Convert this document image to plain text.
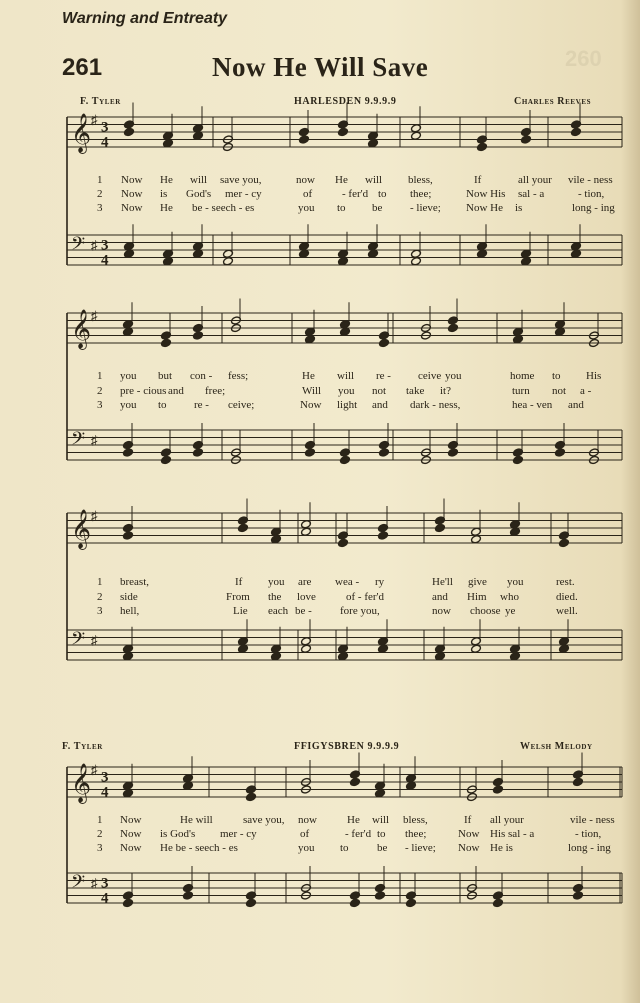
Warning and Entreaty
261	Now He Will Save	260
F. Tyler	HARLESDEN 9.9.9.9	Charles Reeves
F. Tyler	FFIGYSBREN 9.9.9.9	Welsh Melody
𝄞 ♯ 3
4
𝄢 ♯ 3
4
𝄞 ♯
𝄢 ♯
𝄞 ♯
𝄢 ♯
𝄞 ♯ 3
4
𝄢 ♯ 3
4
1 Now He will save you,	now He will bless,	If	all your vile - ness
2 Now is God's mer - cy	of	- fer'd to thee;	Now His sal - a	- tion,
3 Now He be - seech - es	you to be	- lieve; Now He is	long - ing
1 you but con - fess;	He will re - ceive you	home to His
2 pre - cious and free;	Will you not take it?	turn not a -
3 you to re - ceive;	Now light and dark - ness,	hea - ven and
1 breast,	If you are wea - ry	He'll give you	rest.
2 side	From the love	of - fer'd	and Him who	died.
3 hell,	Lie each be -	fore you,	now choose ye	well.
1 Now	He will	save you, now	He will bless,	If all your	vile - ness
2 Now is God's mer - cy	of	- fer'd to thee;	Now His sal - a	- tion,
3 Now He be - seech - es	you to	be - lieve; Now He is	long - ing
